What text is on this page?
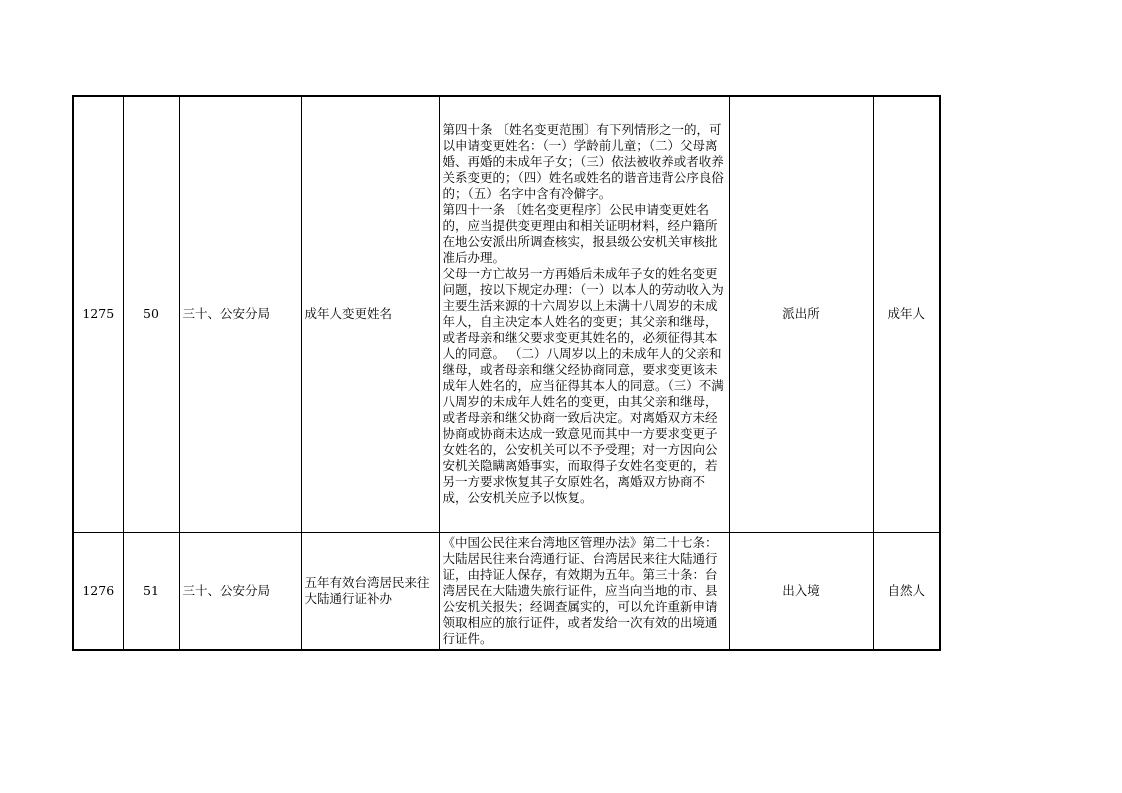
1275	50	三十、公安分局	成年人变更姓名	第四十条 〔姓名变更范围〕有下列情形之一的，可以申请变更姓名：（一）学龄前儿童；（二）父母离婚、再婚的未成年子女；（三）依法被收养或者收养关系变更的；（四）姓名或姓名的谐音违背公序良俗的；（五）名字中含有冷僻字。
第四十一条 〔姓名变更程序〕公民申请变更姓名的，应当提供变更理由和相关证明材料，经户籍所在地公安派出所调查核实，报县级公安机关审核批准后办理。
父母一方亡故另一方再婚后未成年子女的姓名变更问题，按以下规定办理：（一）以本人的劳动收入为主要生活来源的十六周岁以上未满十八周岁的未成年人，自主决定本人姓名的变更；其父亲和继母，或者母亲和继父要求变更其姓名的，必须征得其本人的同意。 （二）八周岁以上的未成年人的父亲和继母，或者母亲和继父经协商同意，要求变更该未成年人姓名的，应当征得其本人的同意。（三）不满八周岁的未成年人姓名的变更，由其父亲和继母，或者母亲和继父协商一致后决定。对离婚双方未经协商或协商未达成一致意见而其中一方要求变更子女姓名的，公安机关可以不予受理；对一方因向公安机关隐瞒离婚事实，而取得子女姓名变更的，若另一方要求恢复其子女原姓名，离婚双方协商不成，公安机关应予以恢复。	派出所	成年人
1276	51	三十、公安分局	五年有效台湾居民来往大陆通行证补办	《中国公民往来台湾地区管理办法》第二十七条：大陆居民往来台湾通行证、台湾居民来往大陆通行证，由持证人保存，有效期为五年。第三十条：台湾居民在大陆遗失旅行证件，应当向当地的市、县公安机关报失；经调查属实的，可以允许重新申请领取相应的旅行证件，或者发给一次有效的出境通行证件。	出入境	自然人
